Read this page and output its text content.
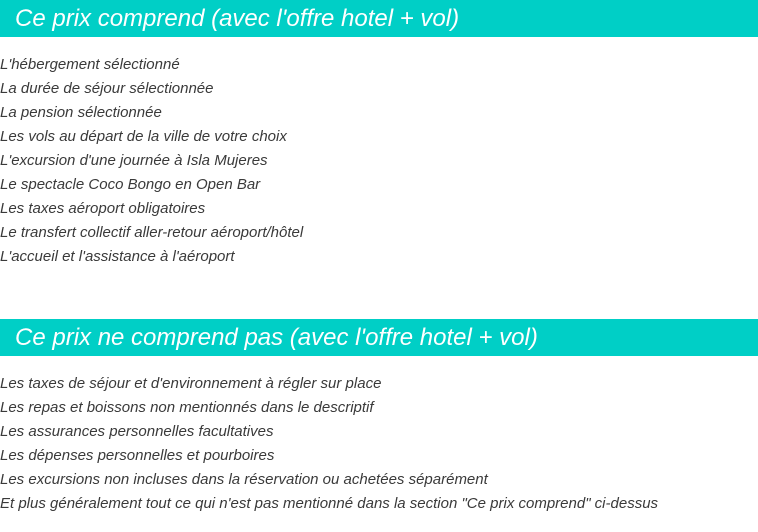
Ce prix comprend (avec l'offre hotel + vol)
L'hébergement sélectionné
La durée de séjour sélectionnée
La pension sélectionnée
Les vols au départ de la ville de votre choix
L'excursion d'une journée à Isla Mujeres
Le spectacle Coco Bongo en Open Bar
Les taxes aéroport obligatoires
Le transfert collectif aller-retour aéroport/hôtel
L'accueil et l'assistance à l'aéroport
Ce prix ne comprend pas (avec l'offre hotel + vol)
Les taxes de séjour et d'environnement à régler sur place
Les repas et boissons non mentionnés dans le descriptif
Les assurances personnelles facultatives
Les dépenses personnelles et pourboires
Les excursions non incluses dans la réservation ou achetées séparément
Et plus généralement tout ce qui n'est pas mentionné dans la section "Ce prix comprend" ci-dessus
